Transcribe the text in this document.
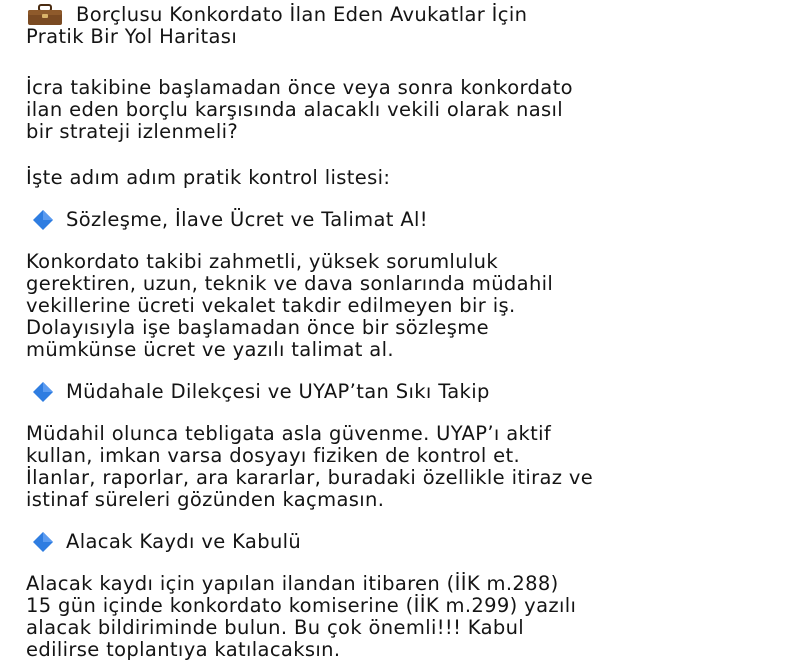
Borçlusu Konkordato İlan Eden Avukatlar İçin
Pratik Bir Yol Haritası
İcra takibine başlamadan önce veya sonra konkordato
ilan eden borçlu karşısında alacaklı vekili olarak nasıl
bir strateji izlenmeli?
İşte adım adım pratik kontrol listesi:
Sözleşme, İlave Ücret ve Talimat Al!
Konkordato takibi zahmetli, yüksek sorumluluk
gerektiren, uzun, teknik ve dava sonlarında müdahil
vekillerine ücreti vekalet takdir edilmeyen bir iş.
Dolayısıyla işe başlamadan önce bir sözleşme
mümkünse ücret ve yazılı talimat al.
Müdahale Dilekçesi ve UYAP’tan Sıkı Takip
Müdahil olunca tebligata asla güvenme. UYAP’ı aktif
kullan, imkan varsa dosyayı fiziken de kontrol et.
İlanlar, raporlar, ara kararlar, buradaki özellikle itiraz ve
istinaf süreleri gözünden kaçmasın.
Alacak Kaydı ve Kabulü
Alacak kaydı için yapılan ilandan itibaren (İİK m.288)
15 gün içinde konkordato komiserine (İİK m.299) yazılı
alacak bildiriminde bulun. Bu çok önemli!!! Kabul
edilirse toplantıya katılacaksın.
